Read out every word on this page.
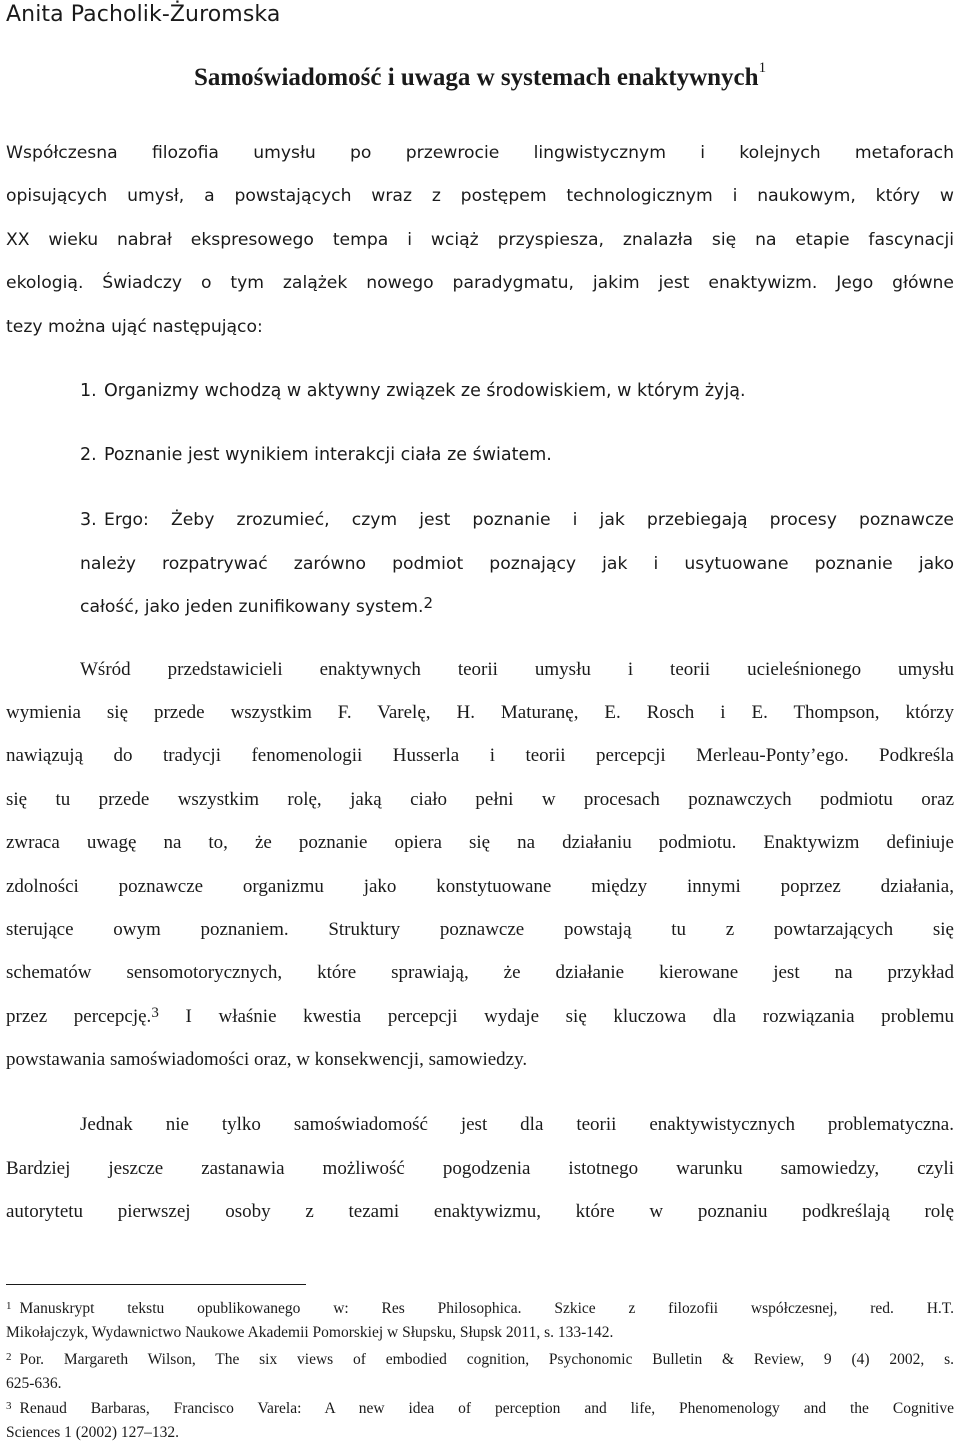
Anita Pacholik-Żuromska
Samoświadomość i uwaga w systemach enaktywnych$^1$
Współczesna filozofia umysłu po przewrocie lingwistycznym i kolejnych metaforach
opisujących umysł, a powstających wraz z postępem technologicznym i naukowym, który w
XX wieku nabrał ekspresowego tempa i wciąż przyspiesza, znalazła się na etapie fascynacji
ekologią. Świadczy o tym zalążek nowego paradygmatu, jakim jest enaktywizm. Jego główne
tezy można ująć następująco:
1. Organizmy wchodzą w aktywny związek ze środowiskiem, w którym żyją.
2. Poznanie jest wynikiem interakcji ciała ze światem.
3. Ergo: Żeby zrozumieć, czym jest poznanie i jak przebiegają procesy poznawcze
należy rozpatrywać zarówno podmiot poznający jak i usytuowane poznanie jako
całość, jako jeden zunifikowany system.2
Wśród przedstawicieli enaktywnych teorii umysłu i teorii ucieleśnionego umysłu
wymienia się przede wszystkim F. Varelę, H. Maturanę, E. Rosch i E. Thompson, którzy
nawiązują do tradycji fenomenologii Husserla i teorii percepcji Merleau-Ponty’ego. Podkreśla
się tu przede wszystkim rolę, jaką ciało pełni w procesach poznawczych podmiotu oraz
zwraca uwagę na to, że poznanie opiera się na działaniu podmiotu. Enaktywizm definiuje
zdolności poznawcze organizmu jako konstytuowane między innymi poprzez działania,
sterujące owym poznaniem. Struktury poznawcze powstają tu z powtarzających się
schematów sensomotorycznych, które sprawiają, że działanie kierowane jest na przykład
przez percepcję.$^3$ I właśnie kwestia percepcji wydaje się kluczowa dla rozwiązania problemu
powstawania samoświadomości oraz, w konsekwencji, samowiedzy.
Jednak nie tylko samoświadomość jest dla teorii enaktywistycznych problematyczna.
Bardziej jeszcze zastanawia możliwość pogodzenia istotnego warunku samowiedzy, czyli
autorytetu pierwszej osoby z tezami enaktywizmu, które w poznaniu podkreślają rolę
$^1$ Manuskrypt tekstu opublikowanego w: Res Philosophica. Szkice z filozofii współczesnej, red. H.T.
Mikołajczyk, Wydawnictwo Naukowe Akademii Pomorskiej w Słupsku, Słupsk 2011, s. 133-142.
$^2$ Por. Margareth Wilson, The six views of embodied cognition, Psychonomic Bulletin & Review, 9 (4) 2002, s.
625-636.
$^3$ Renaud Barbaras, Francisco Varela: A new idea of perception and life, Phenomenology and the Cognitive
Sciences 1 (2002) 127–132.
